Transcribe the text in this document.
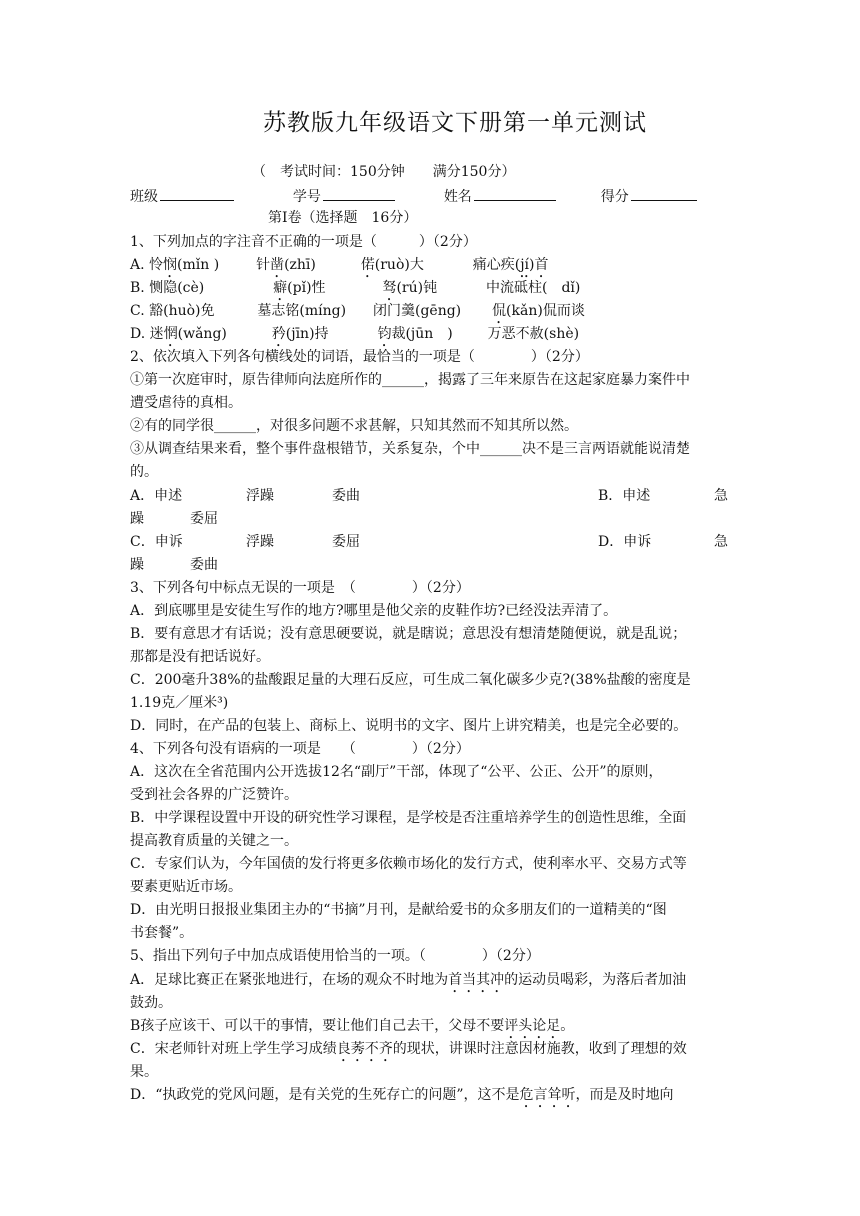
苏教版九年级语文下册第一单元测试
（　考试时间：150分钟　　满分150分）
班级	学号	姓名	得分
第Ⅰ卷（选择题　16分）
1、下列加点的字注音不正确的一项是（　　　）（2分）
A. 怜悯(mǐn )	针凿(zhī)	偌(ruò)大	痛心疾(jí)首
B. 恻隐(cè)	癖(pǐ)性	驽(rú)钝	中流砥柱(　dǐ)
C. 豁(huò)免	墓志铭(míng) 闭门羹(gēng) 侃(kǎn)侃而谈
D. 迷惘(wǎng)	矜(jīn)持	钧裁(jūn　) 万恶不赦(shè)
2、依次填入下列各句横线处的词语，最恰当的一项是（　　　　）（2分）
①第一次庭审时，原告律师向法庭所作的______，揭露了三年来原告在这起家庭暴力案件中
遭受虐待的真相。
②有的同学很______，对很多问题不求甚解，只知其然而不知其所以然。
③从调查结果来看，整个事件盘根错节，关系复杂，个中______决不是三言两语就能说清楚
的。
A．申述	浮躁	委曲	B．申述	急
躁	委屈
C．申诉	浮躁	委屈	D．申诉	急
躁	委曲
3、下列各句中标点无误的一项是　（　　　　）（2分）
A．到底哪里是安徒生写作的地方?哪里是他父亲的皮鞋作坊?已经没法弄清了。
B．要有意思才有话说；没有意思硬要说，就是瞎说；意思没有想清楚随便说，就是乱说；
那都是没有把话说好。
C．200毫升38%的盐酸跟足量的大理石反应，可生成二氧化碳多少克?(38%盐酸的密度是
1.19克／厘米³)
D．同时，在产品的包装上、商标上、说明书的文字、图片上讲究精美，也是完全必要的。
4、下列各句没有语病的一项是　　（　　　　）（2分）
A．这次在全省范围内公开选拔12名“副厅”干部，体现了“公平、公正、公开”的原则，
受到社会各界的广泛赞许。
B．中学课程设置中开设的研究性学习课程，是学校是否注重培养学生的创造性思维，全面
提高教育质量的关键之一。
C．专家们认为，今年国债的发行将更多依赖市场化的发行方式，使利率水平、交易方式等
要素更贴近市场。
D．由光明日报报业集团主办的“书摘”月刊，是献给爱书的众多朋友们的一道精美的“图
书套餐”。
5、指出下列句子中加点成语使用恰当的一项。（　　　　）（2分）
A．足球比赛正在紧张地进行，在场的观众不时地为首当其冲的运动员喝彩，为落后者加油
鼓劲。
B孩子应该干、可以干的事情，要让他们自己去干，父母不要评头论足。
C．宋老师针对班上学生学习成绩良莠不齐的现状，讲课时注意因材施教，收到了理想的效
果。
D．“执政党的党风问题，是有关党的生死存亡的问题”，这不是危言耸听，而是及时地向
